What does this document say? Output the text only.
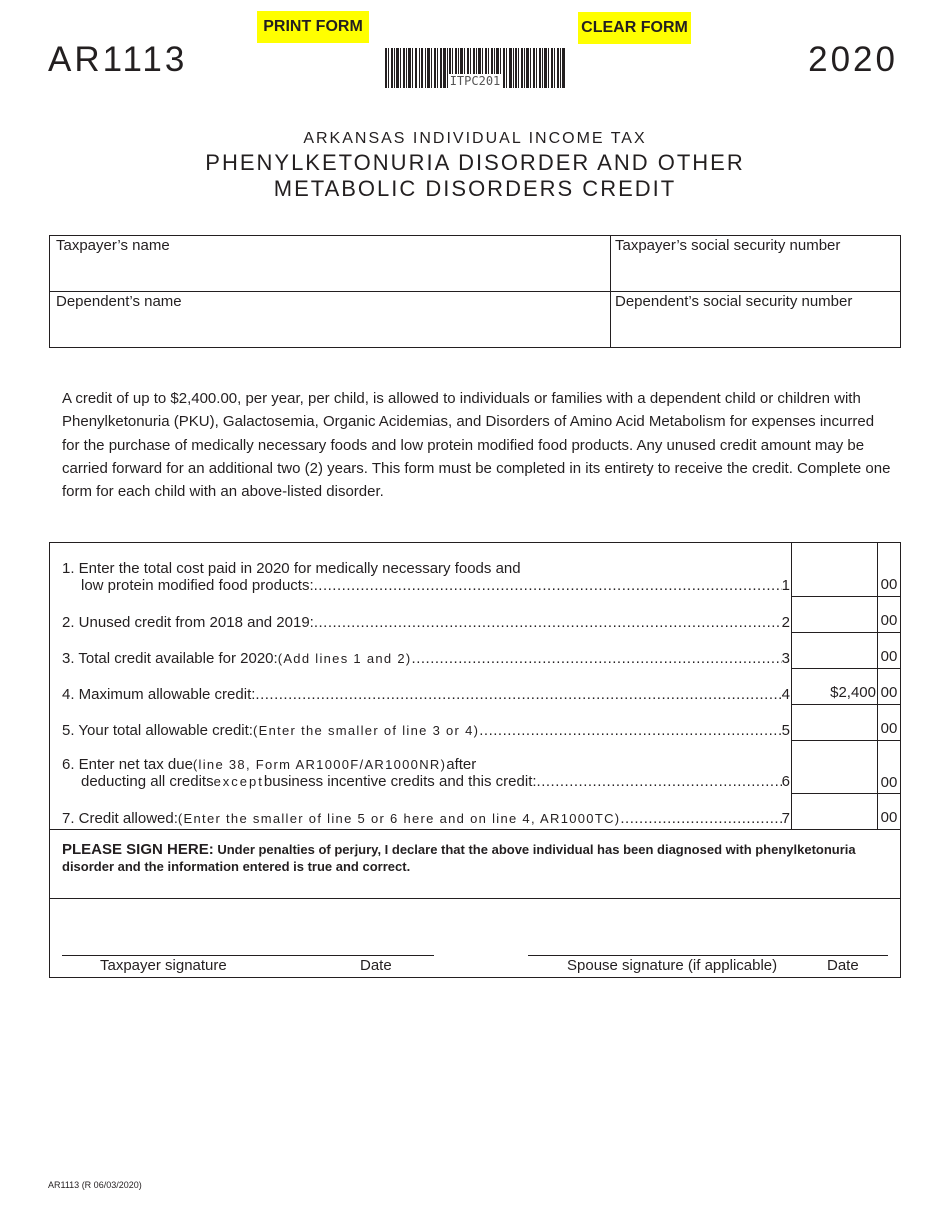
AR1113
PRINT FORM	CLEAR FORM
2020
ITPC201
ARKANSAS INDIVIDUAL INCOME TAX
PHENYLKETONURIA DISORDER AND OTHER
METABOLIC DISORDERS CREDIT
Taxpayer’s name	Taxpayer’s social security number
Dependent’s name	Dependent’s social security number
A credit of up to $2,400.00, per year, per child, is allowed to individuals or families with a dependent child or children with Phenylketonuria (PKU), Galactosemia, Organic Acidemias, and Disorders of Amino Acid Metabolism for expenses incurred for the purchase of medically necessary foods and low protein modified food products. Any unused credit amount may be carried forward for an additional two (2) years. This form must be completed in its entirety to receive the credit. Complete one form for each child with an above-listed disorder.
1. Enter the total cost paid in 2020 for medically necessary foods and
low protein modified food products: .....	1	00
2. Unused credit from 2018 and 2019: .....	2	00
3. Total credit available for 2020: (Add lines 1 and 2) .....	3	00
4. Maximum allowable credit: .....	4	$2,400 00
5. Your total allowable credit: (Enter the smaller of line 3 or 4) .....	5	00
6. Enter net tax due (line 38, Form AR1000F/AR1000NR) after
deducting all credits except business incentive credits and this credit: .....	6	00
7. Credit allowed: (Enter the smaller of line 5 or 6 here and on line 4, AR1000TC) .....	7	00
PLEASE SIGN HERE: Under penalties of perjury, I declare that the above individual has been diagnosed with phenylketonuria disorder and the information entered is true and correct.
Taxpayer signature	Date	Spouse signature (if applicable)	Date
AR1113 (R 06/03/2020)
